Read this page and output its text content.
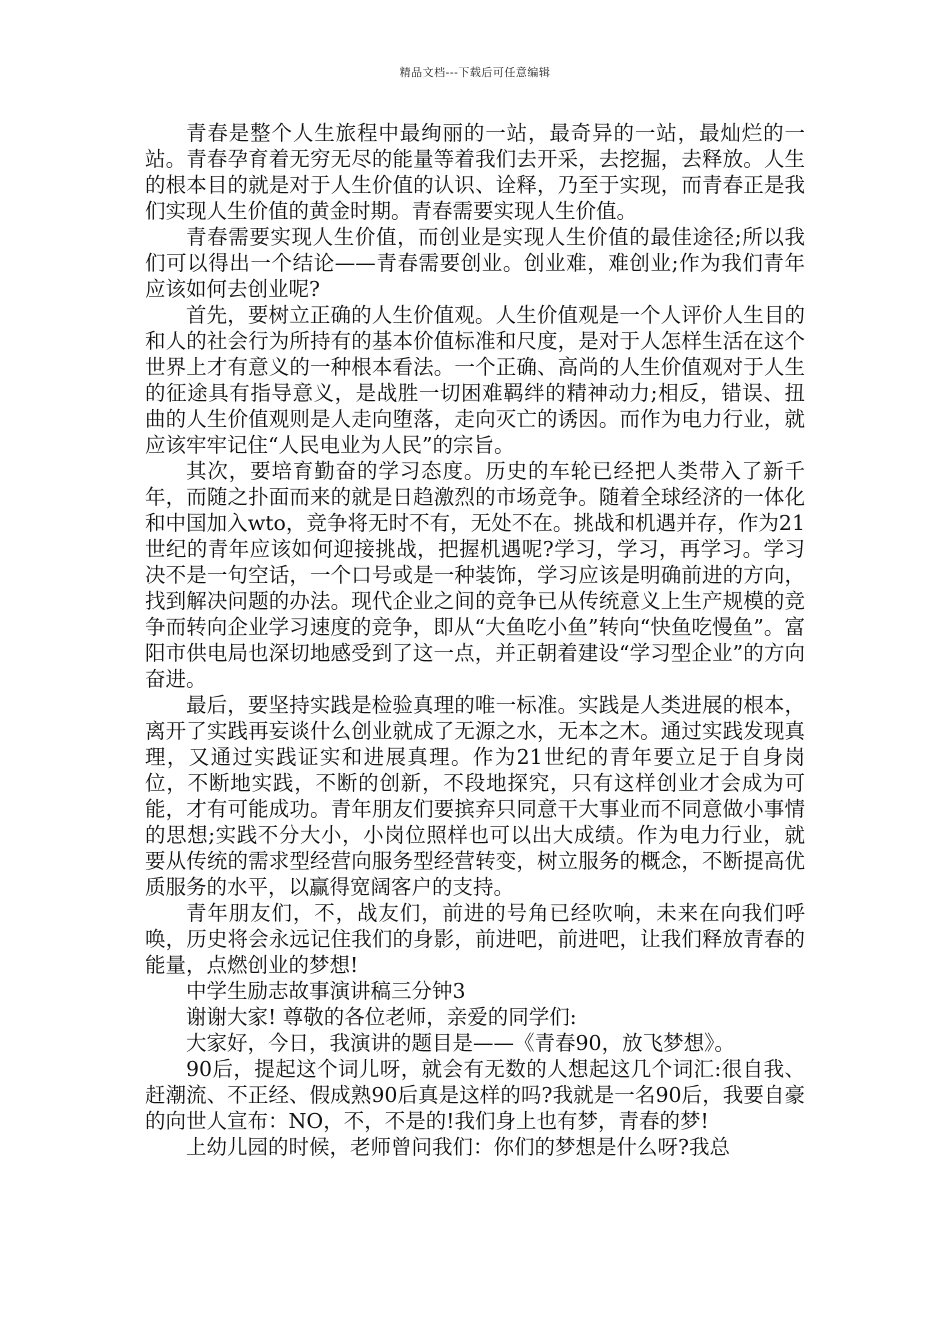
精品文档---下载后可任意编辑

青春是整个人生旅程中最绚丽的一站，最奇异的一站，最灿烂的一站。青春孕育着无穷无尽的能量等着我们去开采，去挖掘，去释放。人生的根本目的就是对于人生价值的认识、诠释，乃至于实现，而青春正是我们实现人生价值的黄金时期。青春需要实现人生价值。

青春需要实现人生价值，而创业是实现人生价值的最佳途径;所以我们可以得出一个结论——青春需要创业。创业难，难创业;作为我们青年应该如何去创业呢?

首先，要树立正确的人生价值观。人生价值观是一个人评价人生目的和人的社会行为所持有的基本价值标准和尺度，是对于人怎样生活在这个世界上才有意义的一种根本看法。一个正确、高尚的人生价值观对于人生的征途具有指导意义，是战胜一切困难羁绊的精神动力;相反，错误、扭曲的人生价值观则是人走向堕落，走向灭亡的诱因。而作为电力行业，就应该牢牢记住“人民电业为人民”的宗旨。

其次，要培育勤奋的学习态度。历史的车轮已经把人类带入了新千年，而随之扑面而来的就是日趋激烈的市场竞争。随着全球经济的一体化和中国加入wto，竞争将无时不有，无处不在。挑战和机遇并存，作为21世纪的青年应该如何迎接挑战，把握机遇呢?学习，学习，再学习。学习决不是一句空话，一个口号或是一种装饰，学习应该是明确前进的方向，找到解决问题的办法。现代企业之间的竞争已从传统意义上生产规模的竞争而转向企业学习速度的竞争，即从“大鱼吃小鱼”转向“快鱼吃慢鱼”。富阳市供电局也深切地感受到了这一点，并正朝着建设“学习型企业”的方向奋进。

最后，要坚持实践是检验真理的唯一标准。实践是人类进展的根本，离开了实践再妄谈什么创业就成了无源之水，无本之木。通过实践发现真理，又通过实践证实和进展真理。作为21世纪的青年要立足于自身岗位，不断地实践，不断的创新，不段地探究，只有这样创业才会成为可能，才有可能成功。青年朋友们要摈弃只同意干大事业而不同意做小事情的思想;实践不分大小，小岗位照样也可以出大成绩。作为电力行业，就要从传统的需求型经营向服务型经营转变，树立服务的概念，不断提高优质服务的水平，以赢得宽阔客户的支持。

青年朋友们，不，战友们，前进的号角已经吹响，未来在向我们呼唤，历史将会永远记住我们的身影，前进吧，前进吧，让我们释放青春的能量，点燃创业的梦想!

中学生励志故事演讲稿三分钟3

谢谢大家! 尊敬的各位老师，亲爱的同学们:

大家好，今日，我演讲的题目是——《青春90，放飞梦想》。

90后，提起这个词儿呀，就会有无数的人想起这几个词汇:很自我、赶潮流、不正经、假成熟90后真是这样的吗?我就是一名90后，我要自豪的向世人宣布：NO，不，不是的!我们身上也有梦，青春的梦!

上幼儿园的时候，老师曾问我们：你们的梦想是什么呀?我总
